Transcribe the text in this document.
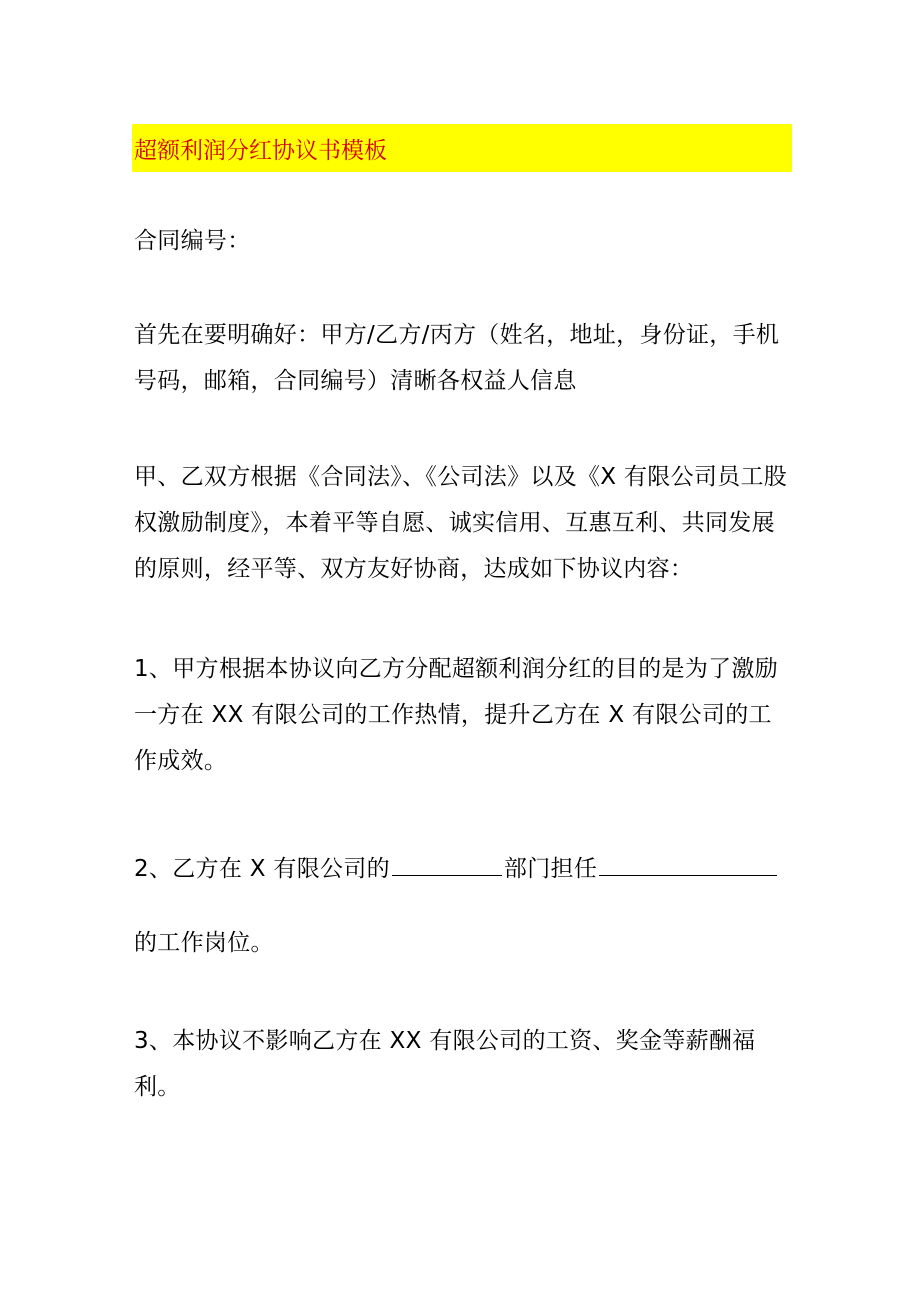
超额利润分红协议书模板

合同编号：

首先在要明确好：甲方/乙方/丙方（姓名，地址，身份证，手机号码，邮箱，合同编号）清晰各权益人信息

甲、乙双方根据《合同法》、《公司法》以及《X 有限公司员工股权激励制度》，本着平等自愿、诚实信用、互惠互利、共同发展的原则，经平等、双方友好协商，达成如下协议内容：

1、甲方根据本协议向乙方分配超额利润分红的目的是为了激励一方在 XX 有限公司的工作热情，提升乙方在 X 有限公司的工作成效。

2、乙方在 X 有限公司的	部门担任

的工作岗位。

3、本协议不影响乙方在 XX 有限公司的工资、奖金等薪酬福利。
